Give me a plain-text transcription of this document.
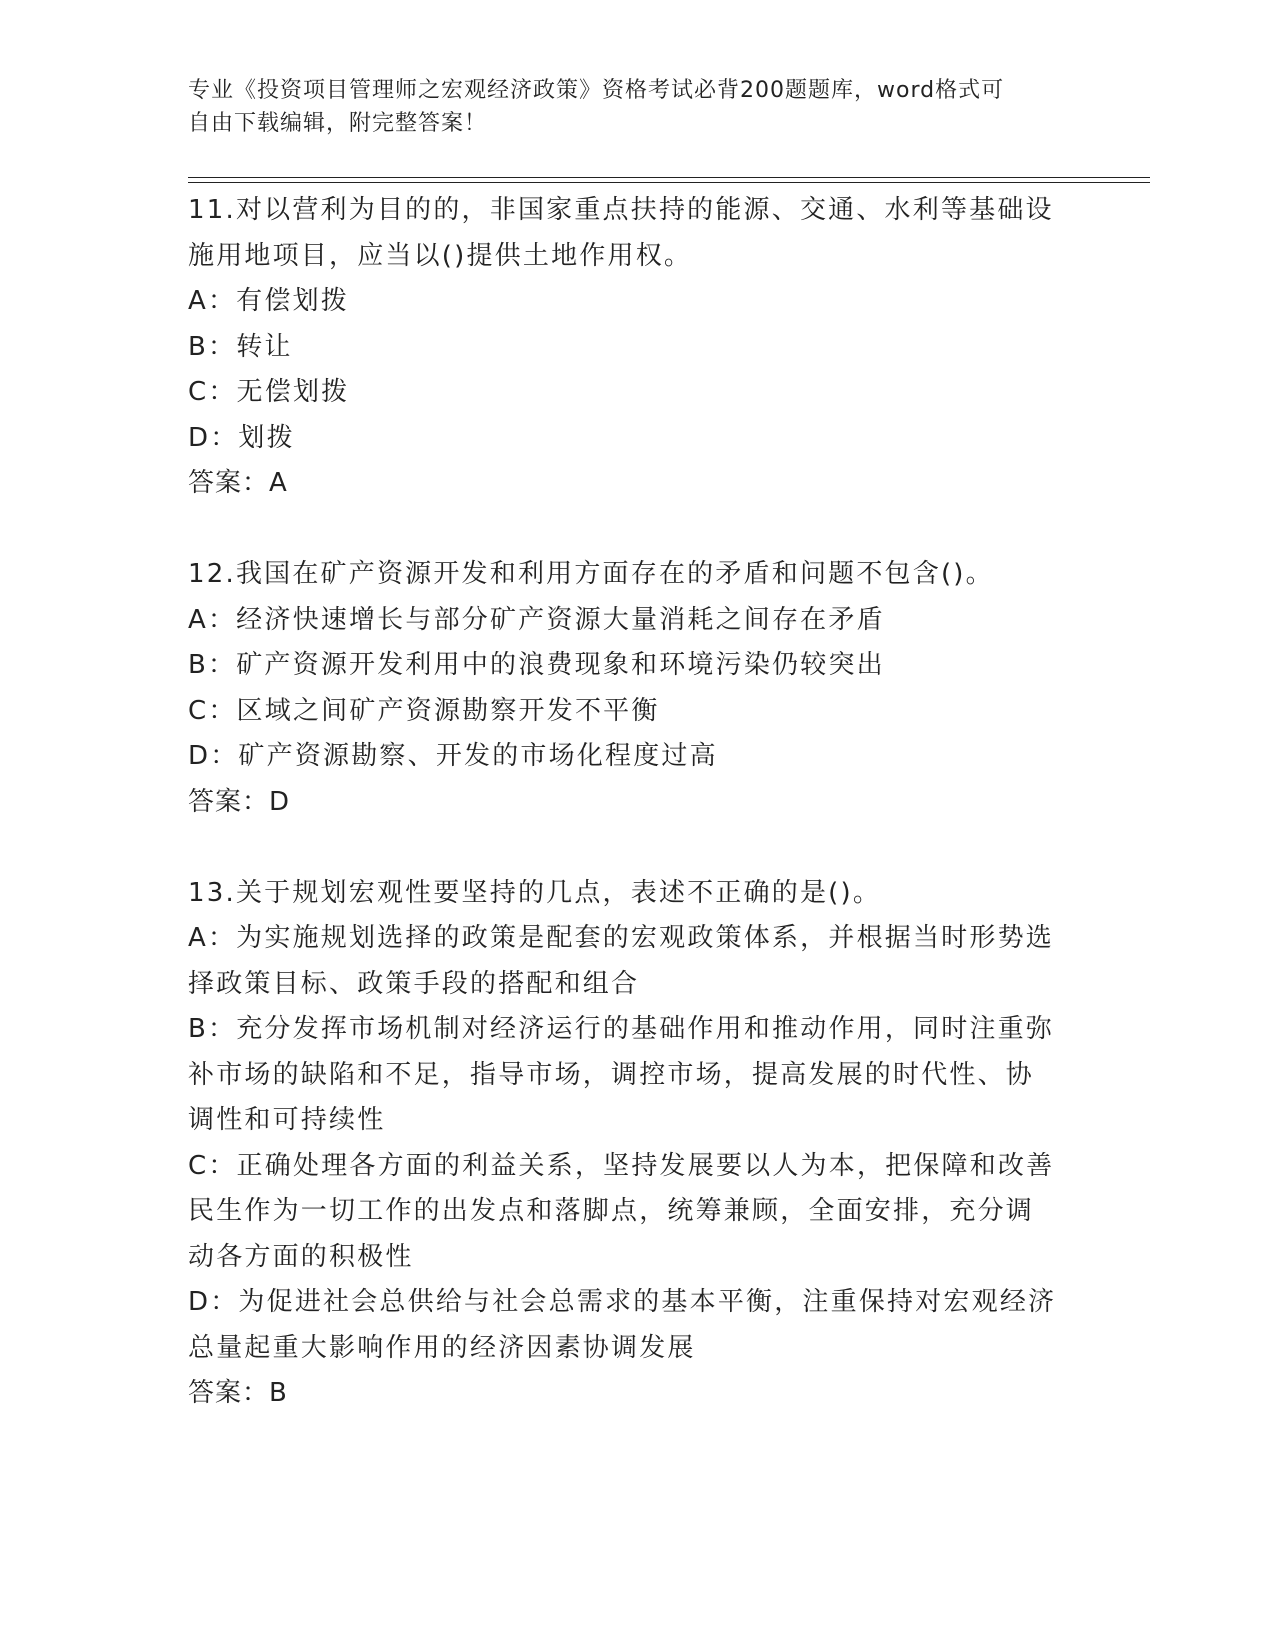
专业《投资项目管理师之宏观经济政策》资格考试必背200题题库，word格式可
自由下载编辑，附完整答案！
11.对以营利为目的的，非国家重点扶持的能源、交通、水利等基础设
施用地项目，应当以()提供土地作用权。
A：有偿划拨
B：转让
C：无偿划拨
D：划拨
答案：A
12.我国在矿产资源开发和利用方面存在的矛盾和问题不包含()。
A：经济快速增长与部分矿产资源大量消耗之间存在矛盾
B：矿产资源开发利用中的浪费现象和环境污染仍较突出
C：区域之间矿产资源勘察开发不平衡
D：矿产资源勘察、开发的市场化程度过高
答案：D
13.关于规划宏观性要坚持的几点，表述不正确的是()。
A：为实施规划选择的政策是配套的宏观政策体系，并根据当时形势选
择政策目标、政策手段的搭配和组合
B：充分发挥市场机制对经济运行的基础作用和推动作用，同时注重弥
补市场的缺陷和不足，指导市场，调控市场，提高发展的时代性、协
调性和可持续性
C：正确处理各方面的利益关系，坚持发展要以人为本，把保障和改善
民生作为一切工作的出发点和落脚点，统筹兼顾，全面安排，充分调
动各方面的积极性
D：为促进社会总供给与社会总需求的基本平衡，注重保持对宏观经济
总量起重大影响作用的经济因素协调发展
答案：B
